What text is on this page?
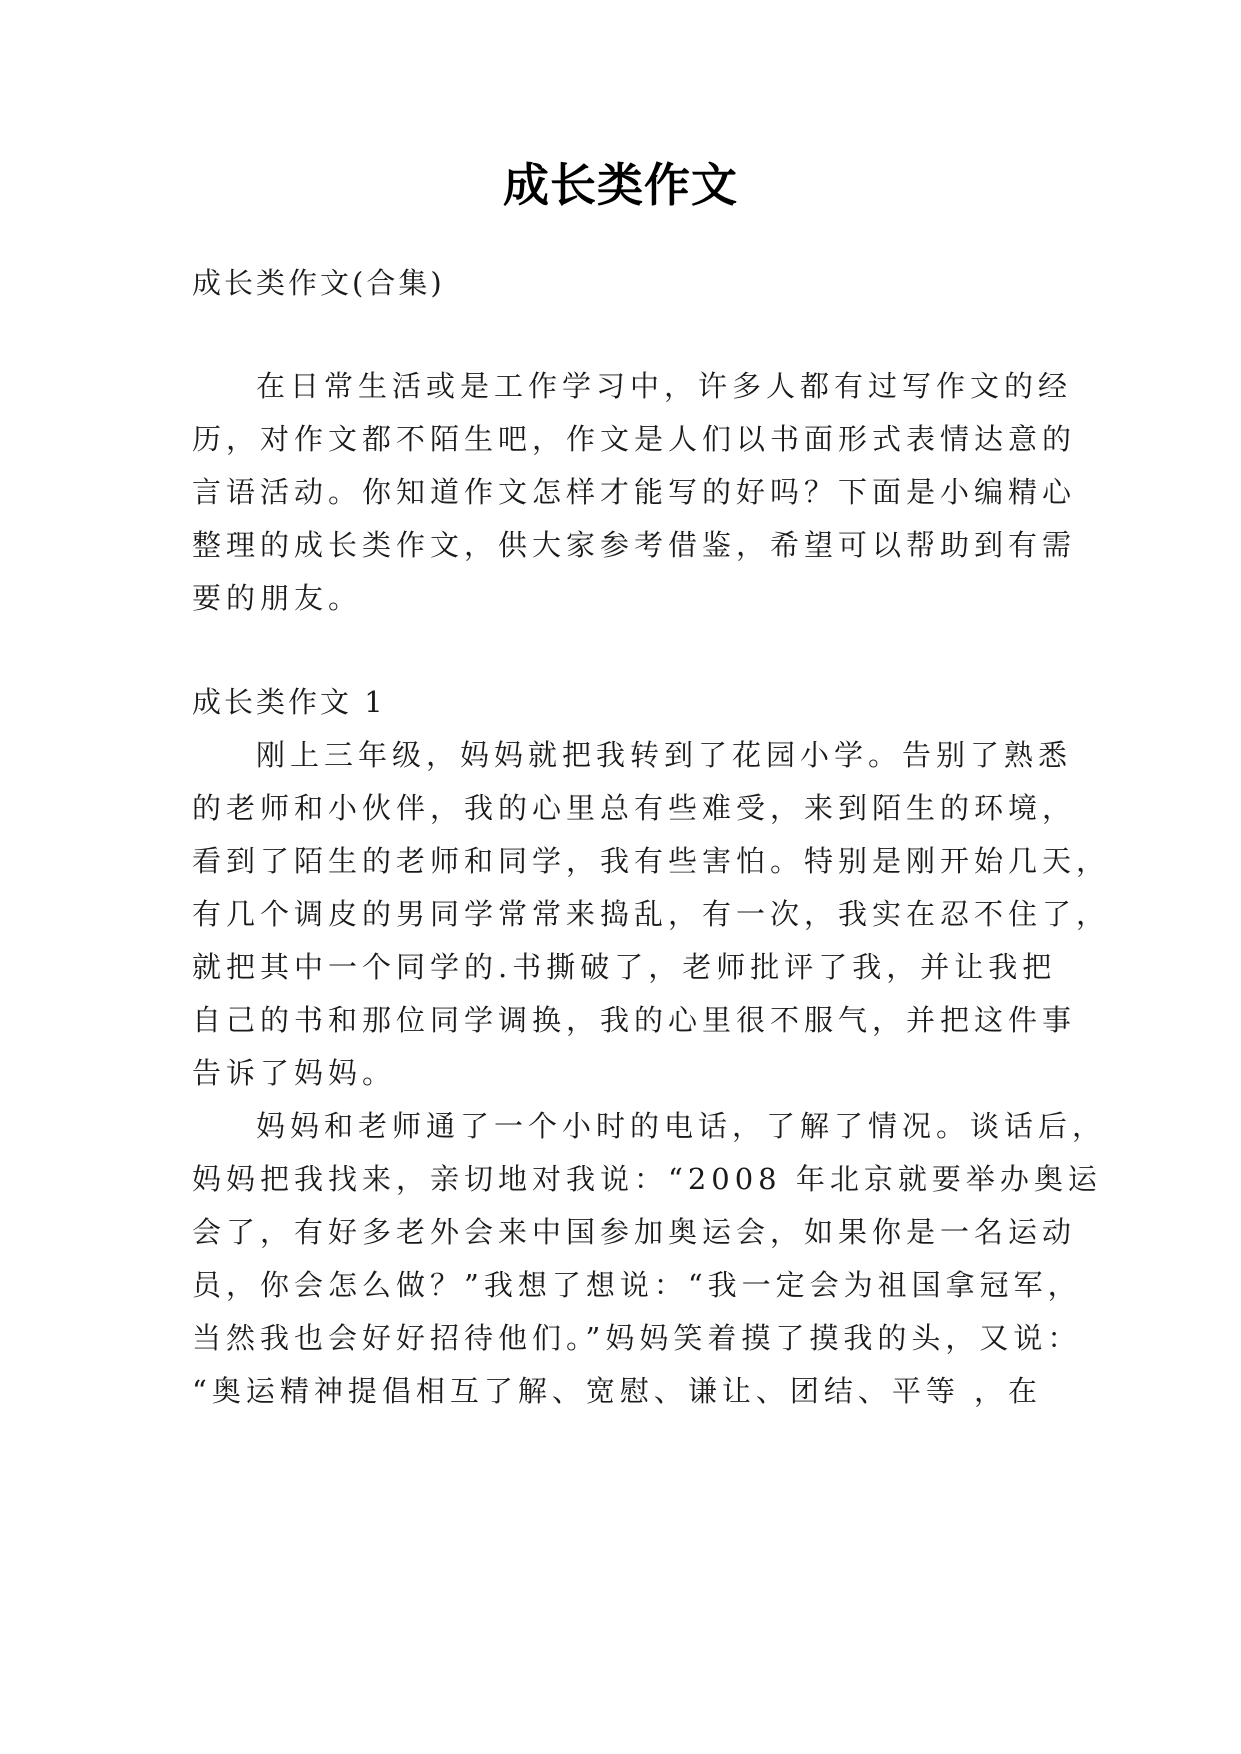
成长类作文
成长类作文(合集)
在日常生活或是工作学习中，许多人都有过写作文的经
历，对作文都不陌生吧，作文是人们以书面形式表情达意的
言语活动。你知道作文怎样才能写的好吗？下面是小编精心
整理的成长类作文，供大家参考借鉴，希望可以帮助到有需
要的朋友。
成长类作文 1
刚上三年级，妈妈就把我转到了花园小学。告别了熟悉
的老师和小伙伴，我的心里总有些难受，来到陌生的环境，
看到了陌生的老师和同学，我有些害怕。特别是刚开始几天，
有几个调皮的男同学常常来捣乱，有一次，我实在忍不住了，
就把其中一个同学的.书撕破了，老师批评了我，并让我把
自己的书和那位同学调换，我的心里很不服气，并把这件事
告诉了妈妈。
妈妈和老师通了一个小时的电话，了解了情况。谈话后，
妈妈把我找来，亲切地对我说：“2008 年北京就要举办奥运
会了，有好多老外会来中国参加奥运会，如果你是一名运动
员，你会怎么做？”我想了想说：“我一定会为祖国拿冠军，
当然我也会好好招待他们。”妈妈笑着摸了摸我的头，又说：
“奥运精神提倡相互了解、宽慰、谦让、团结、平等 ，在
